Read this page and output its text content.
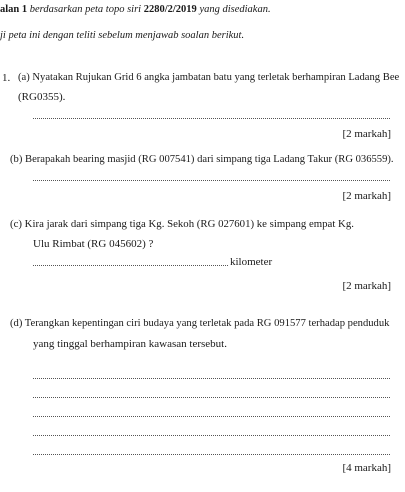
alan 1 berdasarkan peta topo siri 2280/2/2019 yang disediakan.
ji peta ini dengan teliti sebelum menjawab soalan berikut.
1. (a) Nyatakan Rujukan Grid 6 angka jambatan batu yang terletak berhampiran Ladang Bee
(RG0355).
[2 markah]
(b) Berapakah bearing masjid (RG 007541) dari simpang tiga Ladang Takur (RG 036559).
[2 markah]
(c) Kira jarak dari simpang tiga Kg. Sekoh (RG 027601) ke simpang empat Kg.
Ulu Rimbat (RG 045602) ?
kilometer
[2 markah]
(d) Terangkan kepentingan ciri budaya yang terletak pada RG 091577 terhadap penduduk
yang tinggal berhampiran kawasan tersebut.
[4 markah]
